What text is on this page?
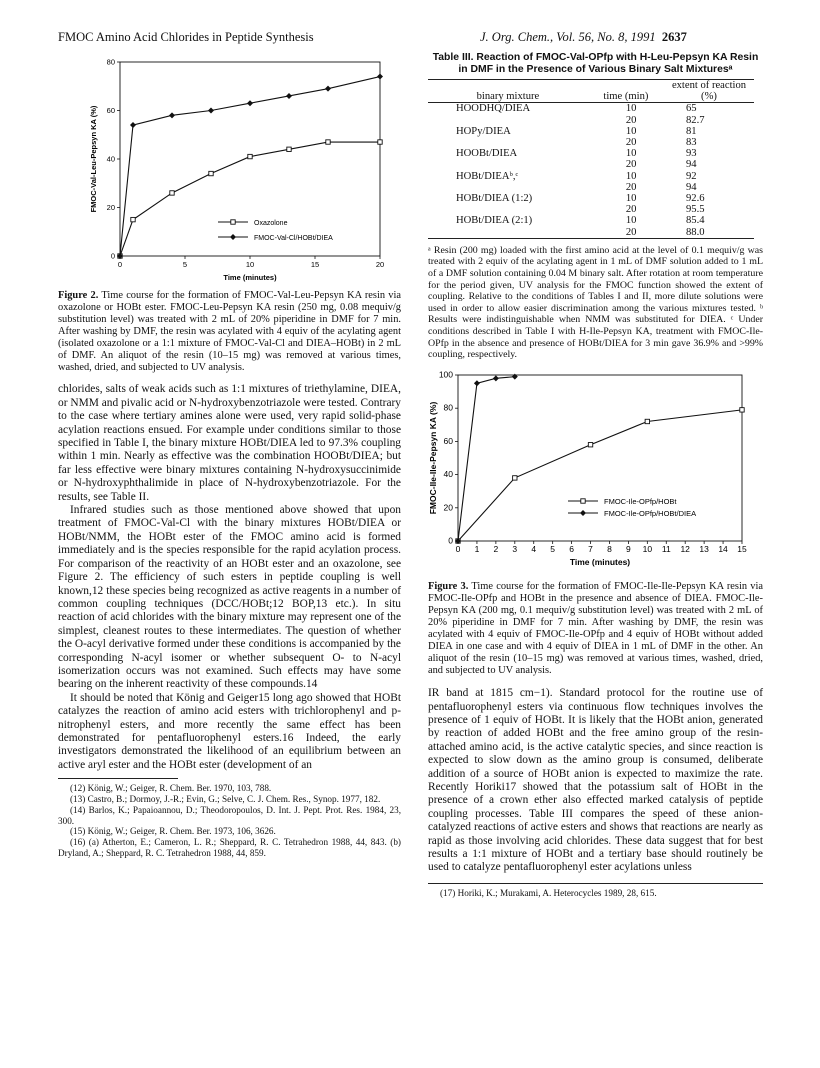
FMOC Amino Acid Chlorides in Peptide Synthesis	J. Org. Chem., Vol. 56, No. 8, 1991 2637
0	5	10	15	20
0
20
40
60
80
Time (minutes)
FMOC-Val-Leu-Pepsyn KA (%)
Oxazolone
FMOC-Val-Cl/HOBt/DIEA

Figure 2. Time course for the formation of FMOC-Val-Leu-Pepsyn KA resin via oxazolone or HOBt ester. FMOC-Leu-Pepsyn KA resin (250 mg, 0.08 mequiv/g substitution level) was treated with 2 mL of 20% piperidine in DMF for 7 min. After washing by DMF, the resin was acylated with 4 equiv of the acylating agent (isolated oxazolone or a 1:1 mixture of FMOC-Val-Cl and DIEA–HOBt) in 2 mL of DMF. An aliquot of the resin (10–15 mg) was removed at various times, washed, dried, and subjected to UV analysis.

chlorides, salts of weak acids such as 1:1 mixtures of triethylamine, DIEA, or NMM and pivalic acid or N-hydroxybenzotriazole were tested. Contrary to the case where tertiary amines alone were used, very rapid solid-phase acylation reactions ensued. For example under conditions similar to those specified in Table I, the binary mixture HOBt/DIEA led to 97.3% coupling within 1 min. Nearly as effective was the combination HOOBt/DIEA; but far less effective were binary mixtures containing N-hydroxysuccinimide or N-hydroxyphthalimide in place of N-hydroxybenzotriazole. For the results, see Table II.

Infrared studies such as those mentioned above showed that upon treatment of FMOC-Val-Cl with the binary mixtures HOBt/DIEA or HOBt/NMM, the HOBt ester of the FMOC amino acid is formed immediately and is the species responsible for the rapid acylation process. For comparison of the reactivity of an HOBt ester and an oxazolone, see Figure 2. The efficiency of such esters in peptide coupling is well known,12 these species being recognized as active reagents in a number of common coupling techniques (DCC/HOBt;12 BOP,13 etc.). In situ reaction of acid chlorides with the binary mixture may represent one of the simplest, cleanest routes to these intermediates. The question of whether the O-acyl derivative formed under these conditions is accompanied by the corresponding N-acyl isomer or whether subsequent O- to N-acyl isomerization occurs was not examined. Such effects may have some bearing on the inherent reactivity of these compounds.14

It should be noted that König and Geiger15 long ago showed that HOBt catalyzes the reaction of amino acid esters with trichlorophenyl and p-nitrophenyl esters, and more recently the same effect has been demonstrated for pentafluorophenyl esters.16 Indeed, the early investigators demonstrated the likelihood of an equilibrium between an active aryl ester and the HOBt ester (development of an

(12) König, W.; Geiger, R. Chem. Ber. 1970, 103, 788.

(13) Castro, B.; Dormoy, J.-R.; Evin, G.; Selve, C. J. Chem. Res., Synop. 1977, 182.

(14) Barlos, K.; Papaioannou, D.; Theodoropoulos, D. Int. J. Pept. Prot. Res. 1984, 23, 300.

(15) König, W.; Geiger, R. Chem. Ber. 1973, 106, 3626.

(16) (a) Atherton, E.; Cameron, L. R.; Sheppard, R. C. Tetrahedron 1988, 44, 843. (b) Dryland, A.; Sheppard, R. C. Tetrahedron 1988, 44, 859.

Table III. Reaction of FMOC-Val-OPfp with H-Leu-Pepsyn KA Resin in DMF in the Presence of Various Binary Salt Mixturesᵃ
binary mixture	time (min)	extent of reaction (%)
HOODHQ/DIEA	10	65
	20	82.7
HOPy/DIEA	10	81
	20	83
HOOBt/DIEA	10	93
	20	94
HOBt/DIEAᵇ,ᶜ	10	92
	20	94
HOBt/DIEA (1:2)	10	92.6
	20	95.5
HOBt/DIEA (2:1)	10	85.4
	20	88.0
ᵃ Resin (200 mg) loaded with the first amino acid at the level of 0.1 mequiv/g was treated with 2 equiv of the acylating agent in 1 mL of DMF solution added to 1 mL of a DMF solution containing 0.04 M binary salt. After rotation at room temperature for the period given, UV analysis for the FMOC function showed the extent of coupling. Relative to the conditions of Tables I and II, more dilute solutions were used in order to allow easier discrimination among the various mixtures tested. ᵇ Results were indistinguishable when NMM was substituted for DIEA. ᶜ Under conditions described in Table I with H-Ile-Pepsyn KA, treatment with FMOC-Ile-OPfp in the absence and presence of HOBt/DIEA for 3 min gave 36.9% and >99% coupling, respectively.
0 1 2 3 4 5 6 7 8 9 10 11 12 13 14 15
0
20
40
60
80
100
Time (minutes)
FMOC-Ile-Ile-Pepsyn KA (%)	FMOC-Ile-OPfp/HOBt
FMOC-Ile-OPfp/HOBt/DIEA

Figure 3. Time course for the formation of FMOC-Ile-Ile-Pepsyn KA resin via FMOC-Ile-OPfp and HOBt in the presence and absence of DIEA. FMOC-Ile-Pepsyn KA (200 mg, 0.1 mequiv/g substitution level) was treated with 2 mL of 20% piperidine in DMF for 7 min. After washing by DMF, the resin was acylated with 4 equiv of FMOC-Ile-OPfp and 4 equiv of HOBt without added DIEA in one case and with 4 equiv of DIEA in 1 mL of DMF in the other. An aliquot of the resin (10–15 mg) was removed at various times, washed, dried, and subjected to UV analysis.

IR band at 1815 cm−1). Standard protocol for the routine use of pentafluorophenyl esters via continuous flow techniques involves the presence of 1 equiv of HOBt. It is likely that the HOBt anion, generated by reaction of added HOBt and the free amino group of the resin-attached amino acid, is the active catalytic species, and since reaction is expected to slow down as the amino group is consumed, deliberate addition of a source of HOBt anion is expected to maximize the rate. Recently Horiki17 showed that the potassium salt of HOBt in the presence of a crown ether also effected marked catalysis of peptide coupling processes. Table III compares the speed of these anion-catalyzed reactions of active esters and shows that reactions are nearly as rapid as those involving acid chlorides. These data suggest that for best results a 1:1 mixture of HOBt and a tertiary base should routinely be used to catalyze pentafluorophenyl ester acylations unless

(17) Horiki, K.; Murakami, A. Heterocycles 1989, 28, 615.
